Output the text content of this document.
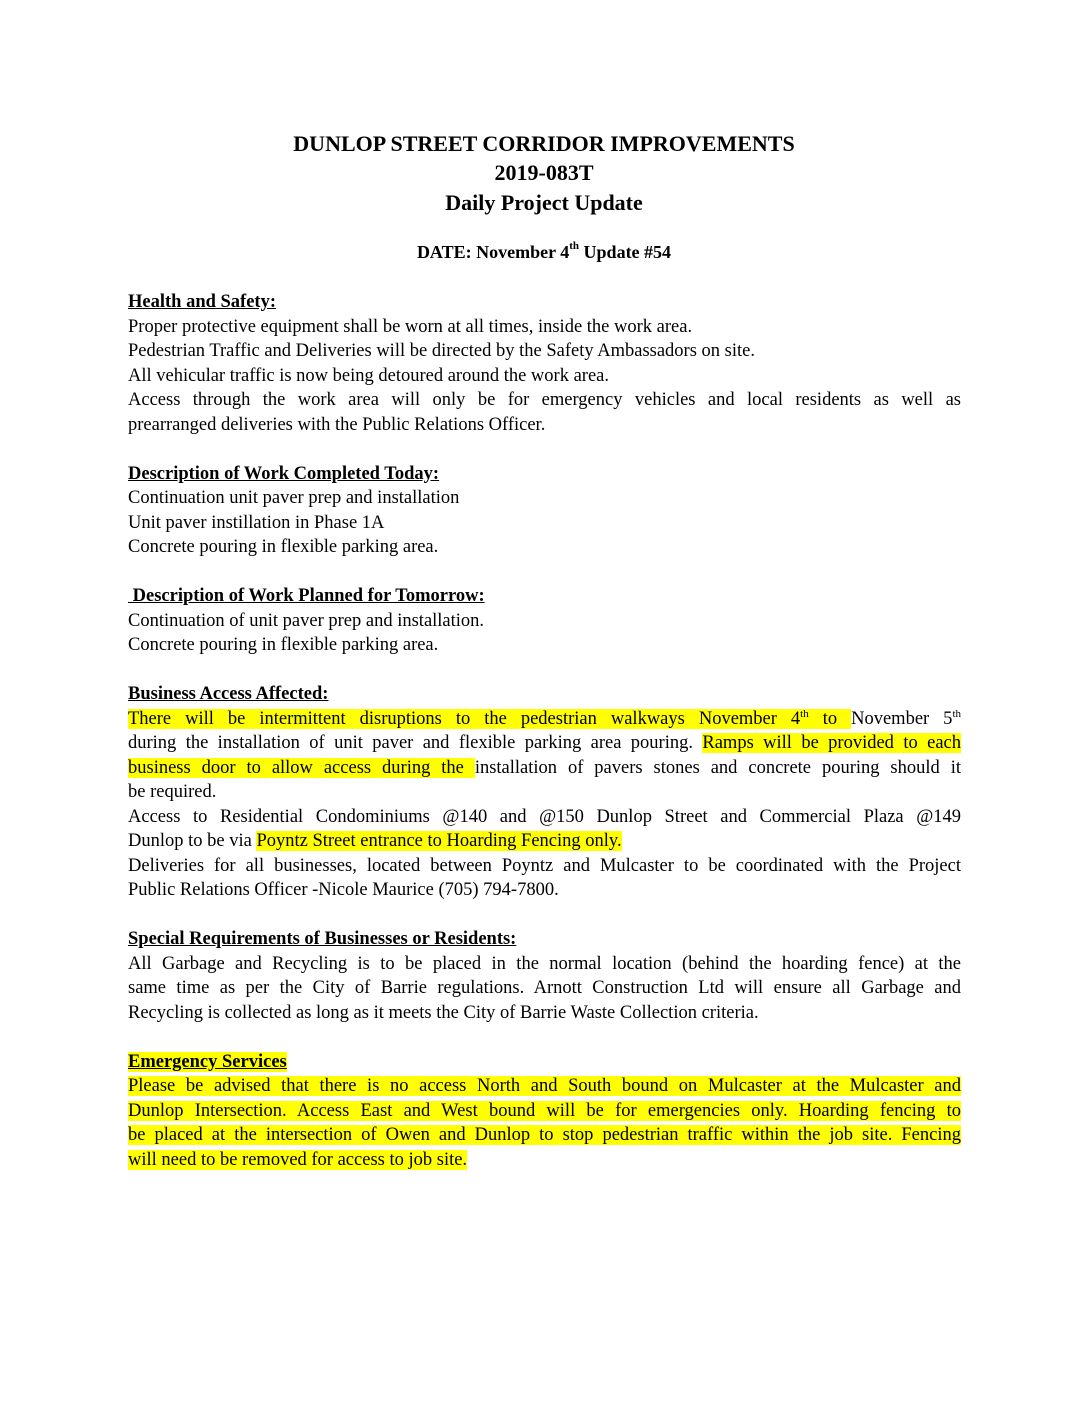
DUNLOP STREET CORRIDOR IMPROVEMENTS
2019-083T
Daily Project Update
DATE: November 4th Update #54
Health and Safety:
Proper protective equipment shall be worn at all times, inside the work area.
Pedestrian Traffic and Deliveries will be directed by the Safety Ambassadors on site.
All vehicular traffic is now being detoured around the work area.
Access through the work area will only be for emergency vehicles and local residents as well as
prearranged deliveries with the Public Relations Officer.
Description of Work Completed Today:
Continuation unit paver prep and installation
Unit paver instillation in Phase 1A
Concrete pouring in flexible parking area.
Description of Work Planned for Tomorrow:
Continuation of unit paver prep and installation.
Concrete pouring in flexible parking area.
Business Access Affected:
There will be intermittent disruptions to the pedestrian walkways November 4th to November 5th
during the installation of unit paver and flexible parking area pouring. Ramps will be provided to each
business door to allow access during the installation of pavers stones and concrete pouring should it
be required.
Access to Residential Condominiums @140 and @150 Dunlop Street and Commercial Plaza @149
Dunlop to be via Poyntz Street entrance to Hoarding Fencing only.
Deliveries for all businesses, located between Poyntz and Mulcaster to be coordinated with the Project
Public Relations Officer -Nicole Maurice (705) 794-7800.
Special Requirements of Businesses or Residents:
All Garbage and Recycling is to be placed in the normal location (behind the hoarding fence) at the
same time as per the City of Barrie regulations. Arnott Construction Ltd will ensure all Garbage and
Recycling is collected as long as it meets the City of Barrie Waste Collection criteria.
Emergency Services
Please be advised that there is no access North and South bound on Mulcaster at the Mulcaster and
Dunlop Intersection. Access East and West bound will be for emergencies only. Hoarding fencing to
be placed at the intersection of Owen and Dunlop to stop pedestrian traffic within the job site. Fencing
will need to be removed for access to job site.
